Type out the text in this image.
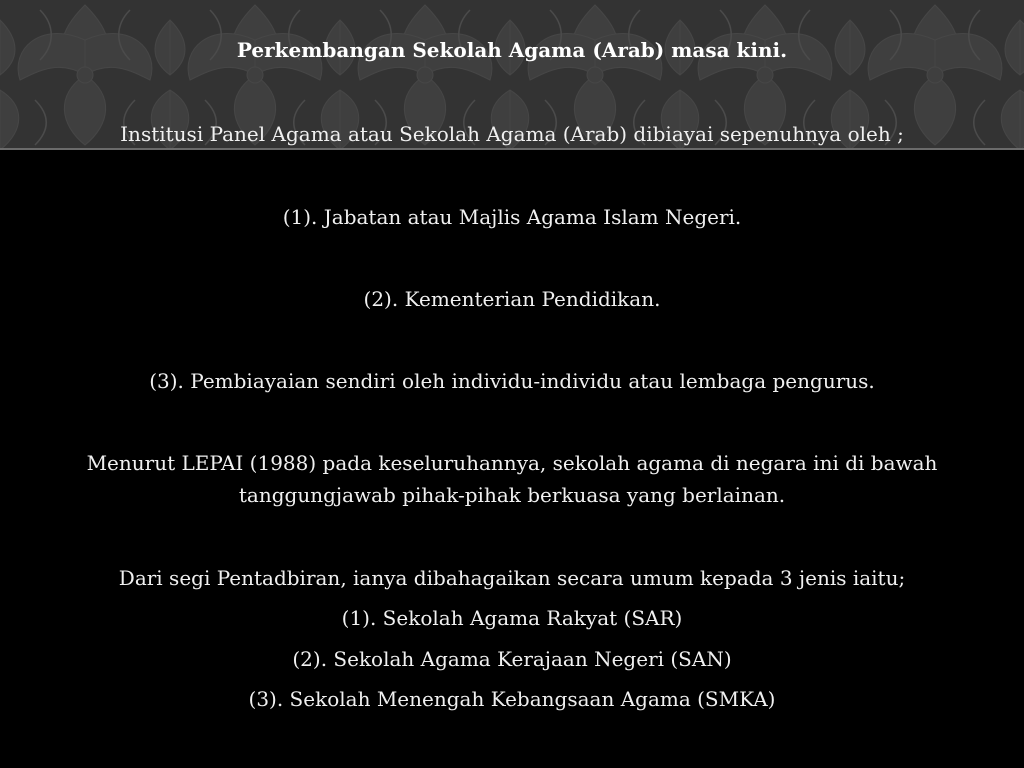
Perkembangan Sekolah Agama (Arab) masa kini.
Institusi Panel Agama atau Sekolah Agama (Arab) dibiayai sepenuhnya oleh ;
(1). Jabatan atau Majlis Agama Islam Negeri.
(2). Kementerian Pendidikan.
(3). Pembiayaian sendiri oleh individu-individu atau lembaga pengurus.
Menurut LEPAI (1988) pada keseluruhannya, sekolah agama di negara ini di bawah
tanggungjawab pihak-pihak berkuasa yang berlainan.
Dari segi Pentadbiran, ianya dibahagaikan secara umum kepada 3 jenis iaitu;
(1). Sekolah Agama Rakyat (SAR)
(2). Sekolah Agama Kerajaan Negeri (SAN)
(3). Sekolah Menengah Kebangsaan Agama (SMKA)
